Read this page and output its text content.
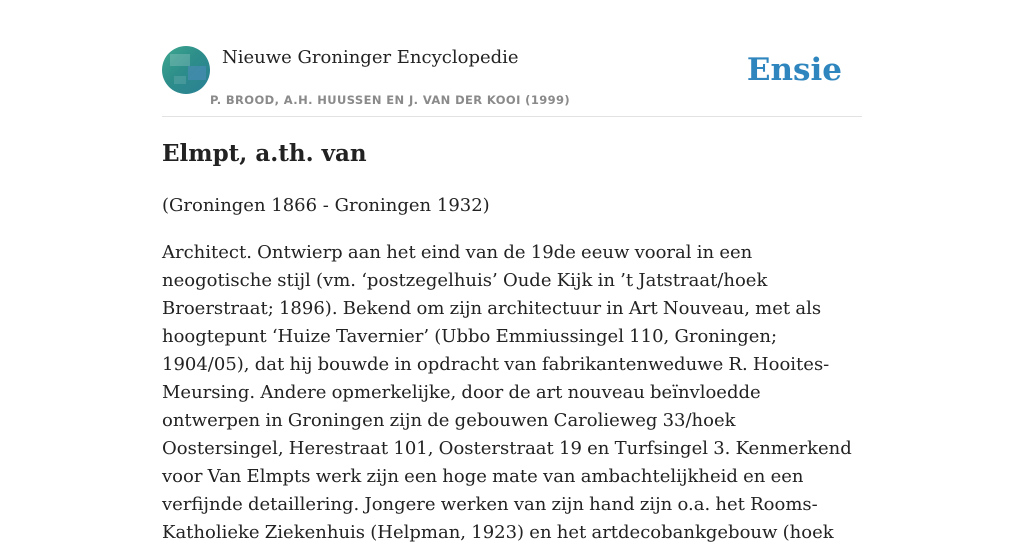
Nieuwe Groninger Encyclopedie
P. BROOD, A.H. HUUSSEN EN J. VAN DER KOOI (1999)
Ensie
Elmpt, a.th. van

(Groningen 1866 - Groningen 1932)

Architect. Ontwierp aan het eind van de 19de eeuw vooral in een neogotische stijl (vm. ‘postzegelhuis’ Oude Kijk in ’t Jatstraat/hoek Broerstraat; 1896). Bekend om zijn architectuur in Art Nouveau, met als hoogtepunt ‘Huize Tavernier’ (Ubbo Emmiussingel 110, Groningen; 1904/05), dat hij bouwde in opdracht van fabrikantenweduwe R. Hooites-Meursing. Andere opmerkelijke, door de art nouveau beïnvloedde ontwerpen in Groningen zijn de gebouwen Carolieweg 33/hoek Oostersingel, Herestraat 101, Oosterstraat 19 en Turfsingel 3. Kenmerkend voor Van Elmpts werk zijn een hoge mate van ambachtelijkheid en een verfijnde detaillering. Jongere werken van zijn hand zijn o.a. het Rooms-Katholieke Ziekenhuis (Helpman, 1923) en het artdecobankgebouw (hoek
